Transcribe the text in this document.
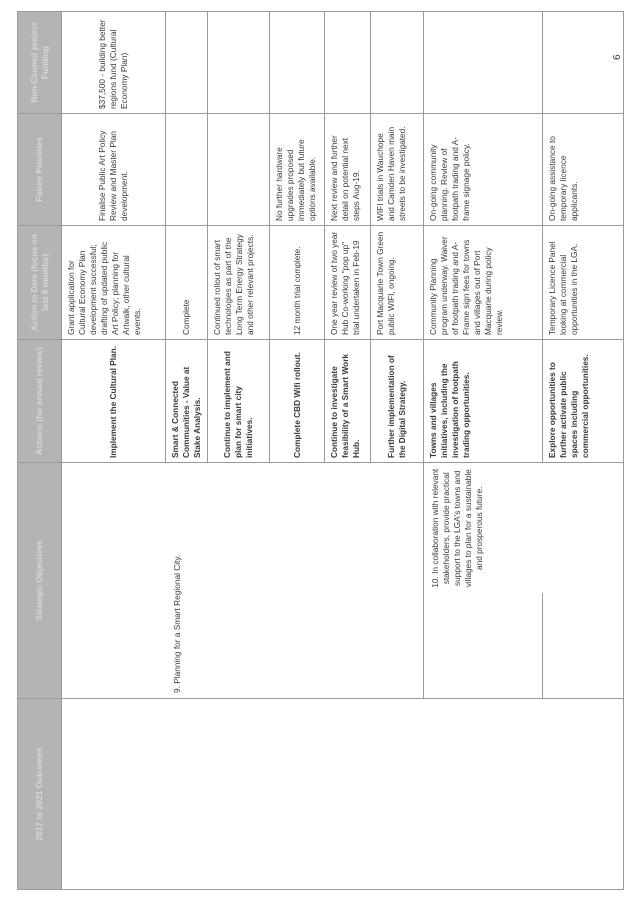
2017 to 2021 Outcomes	Strategic Objectives		Actions (for annual review)	Action to Date (focus on last 6 months)	Future Priorities	Non-Council project Funding
			Implement the Cultural Plan.	Grant application for Cultural Economy Plan development successful; drafting of updated public Art Policy; planning for Artwalk, other cultural events.	Finalise Public Art Policy Review and Master Plan development.	$37,500 - building better regions fund (Cultural Economy Plan)
	9. Planning for a Smart Regional City.		Smart & Connected Communities - Value at Stake Analysis.	Complete		
			Continue to implement and plan for smart city initiatives.	Continued rollout of smart technologies as part of the Long Term Energy Strategy and other relevant projects.		
			Complete CBD Wifi rollout.	12 month trial complete.	No further hardware upgrades proposed immediately but future options available.	
			Continue to investigate feasibility of a Smart Work Hub.	One year review of two year Hub Co-working "pop up" trial undertaken in Feb-19	Next review and further detail on potential next steps Aug-19.	
			Further implementation of the Digital Strategy.	Port Macquarie Town Green public WIFI, ongoing.	WIFI trials in Wauchope and Camden Haven main streets to be investigated.	
		10. In collaboration with relevant stakeholders, provide practical support to the LGA's towns and villages to plan for a sustainable and prosperous future.	Towns and villages initiatives, including the investigation of footpath trading opportunities.	Community Planning program underway. Waiver of footpath trading and A-Frame sign fees for towns and villages out of Port Macquarie during policy review.	On-going community planning. Review of footpath trading and A-frame signage policy.	
			Explore opportunities to further activate public spaces including commercial opportunities.	Temporary Licence Panel looking at commercial opportunities in the LGA.	On-going assistance to temporary licence applicants.	
6
